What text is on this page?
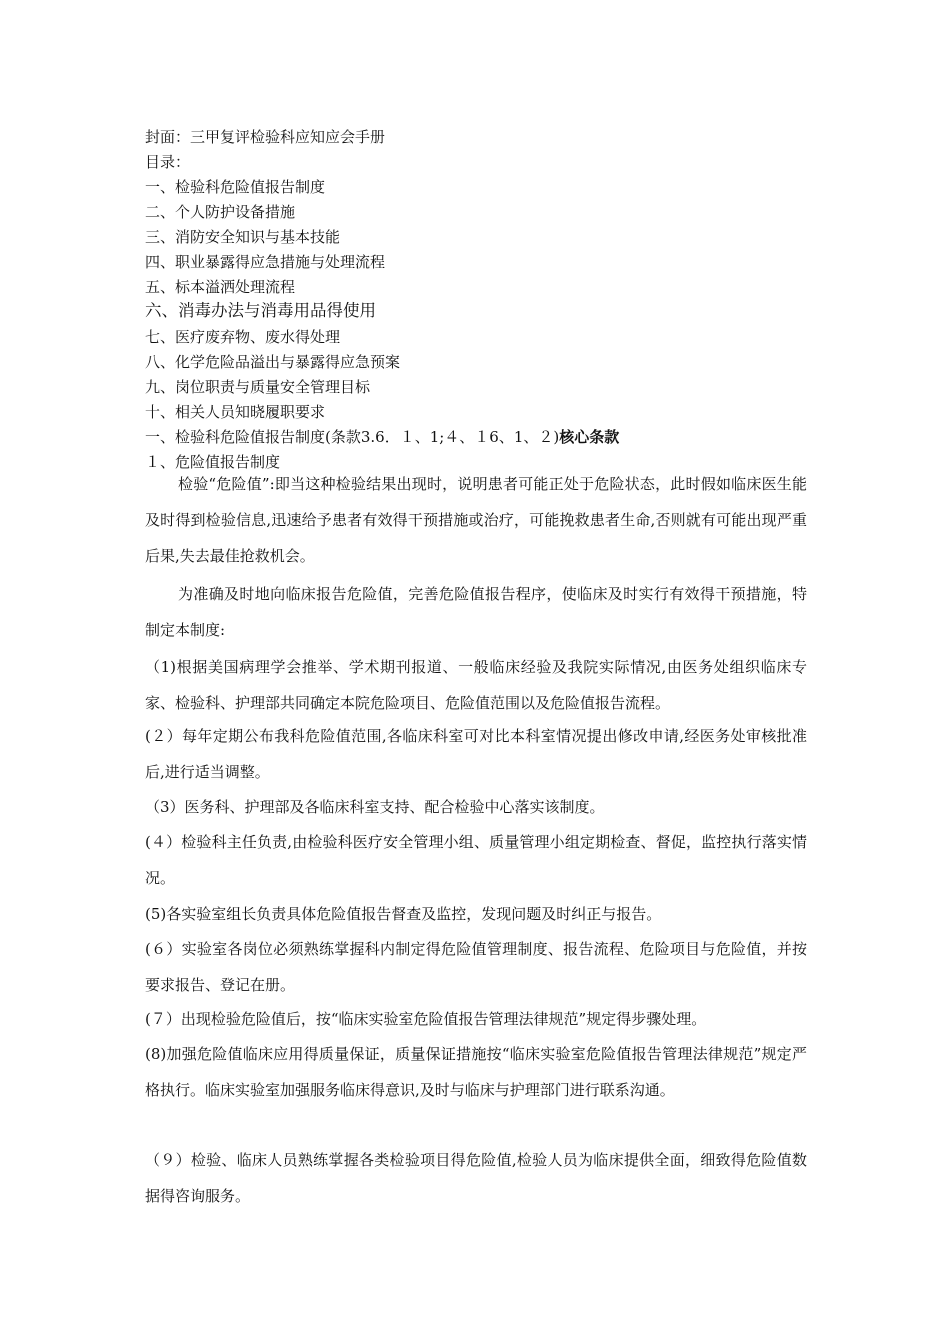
封面：三甲复评检验科应知应会手册
目录：
一、检验科危险值报告制度
二、个人防护设备措施
三、消防安全知识与基本技能
四、职业暴露得应急措施与处理流程
五、标本溢洒处理流程
六、消毒办法与消毒用品得使用
七、医疗废弃物、废水得处理
八、化学危险品溢出与暴露得应急预案
九、岗位职责与质量安全管理目标
十、相关人员知晓履职要求
一、检验科危险值报告制度(条款3.6．１、1;４、１6、1、２)核心条款
１、危险值报告制度

检验“危险值”:即当这种检验结果出现时，说明患者可能正处于危险状态，此时假如临床医生能及时得到检验信息,迅速给予患者有效得干预措施或治疗，可能挽救患者生命,否则就有可能出现严重后果,失去最佳抢救机会。

为准确及时地向临床报告危险值，完善危险值报告程序，使临床及时实行有效得干预措施，特制定本制度:

（1)根据美国病理学会推举、学术期刊报道、一般临床经验及我院实际情况,由医务处组织临床专家、检验科、护理部共同确定本院危险项目、危险值范围以及危险值报告流程。

(２）每年定期公布我科危险值范围,各临床科室可对比本科室情况提出修改申请,经医务处审核批准后,进行适当调整。

（3）医务科、护理部及各临床科室支持、配合检验中心落实该制度。

(４）检验科主任负责,由检验科医疗安全管理小组、质量管理小组定期检查、督促，监控执行落实情况。

(5)各实验室组长负责具体危险值报告督查及监控，发现问题及时纠正与报告。

(６）实验室各岗位必须熟练掌握科内制定得危险值管理制度、报告流程、危险项目与危险值，并按要求报告、登记在册。

(７）出现检验危险值后，按“临床实验室危险值报告管理法律规范”规定得步骤处理。

(8)加强危险值临床应用得质量保证，质量保证措施按“临床实验室危险值报告管理法律规范”规定严格执行。临床实验室加强服务临床得意识,及时与临床与护理部门进行联系沟通。

（９）检验、临床人员熟练掌握各类检验项目得危险值,检验人员为临床提供全面，细致得危险值数据得咨询服务。
